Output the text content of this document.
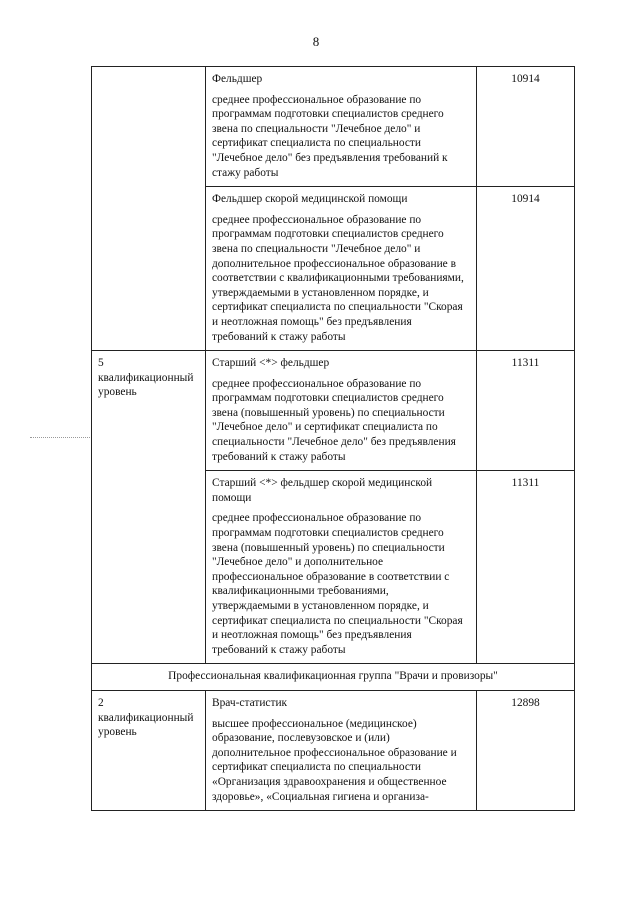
8

	Фельдшер

среднее профессиональное образование по программам подготовки специалистов среднего звена по специальности "Лечебное дело" и сертификат специалиста по специальности "Лечебное дело" без предъявления требований к стажу работы	10914

	Фельдшер скорой медицинской помощи

среднее профессиональное образование по программам подготовки специалистов среднего звена по специальности "Лечебное дело" и дополнительное профессиональное образование в соответствии с квалификационными требованиями, утверждаемыми в установленном порядке, и сертификат специалиста по специальности "Скорая и неотложная помощь" без предъявления требований к стажу работы	10914
5 квалификационный уровень	Старший <*> фельдшер

среднее профессиональное образование по программам подготовки специалистов среднего звена (повышенный уровень) по специальности "Лечебное дело" и сертификат специалиста по специальности "Лечебное дело" без предъявления требований к стажу работы	11311

	Старший <*> фельдшер скорой медицинской помощи

среднее профессиональное образование по программам подготовки специалистов среднего звена (повышенный уровень) по специальности "Лечебное дело" и дополнительное профессиональное образование в соответствии с квалификационными требованиями, утверждаемыми в установленном порядке, и сертификат специалиста по специальности "Скорая и неотложная помощь" без предъявления требований к стажу работы	11311
Профессиональная квалификационная группа "Врачи и провизоры"		
2 квалификационный уровень	Врач-статистик

высшее профессиональное (медицинское) образование, послевузовское и (или) дополнительное профессиональное образование и сертификат специалиста по специальности «Организация здравоохранения и общественное здоровье», «Социальная гигиена и организа-	12898
